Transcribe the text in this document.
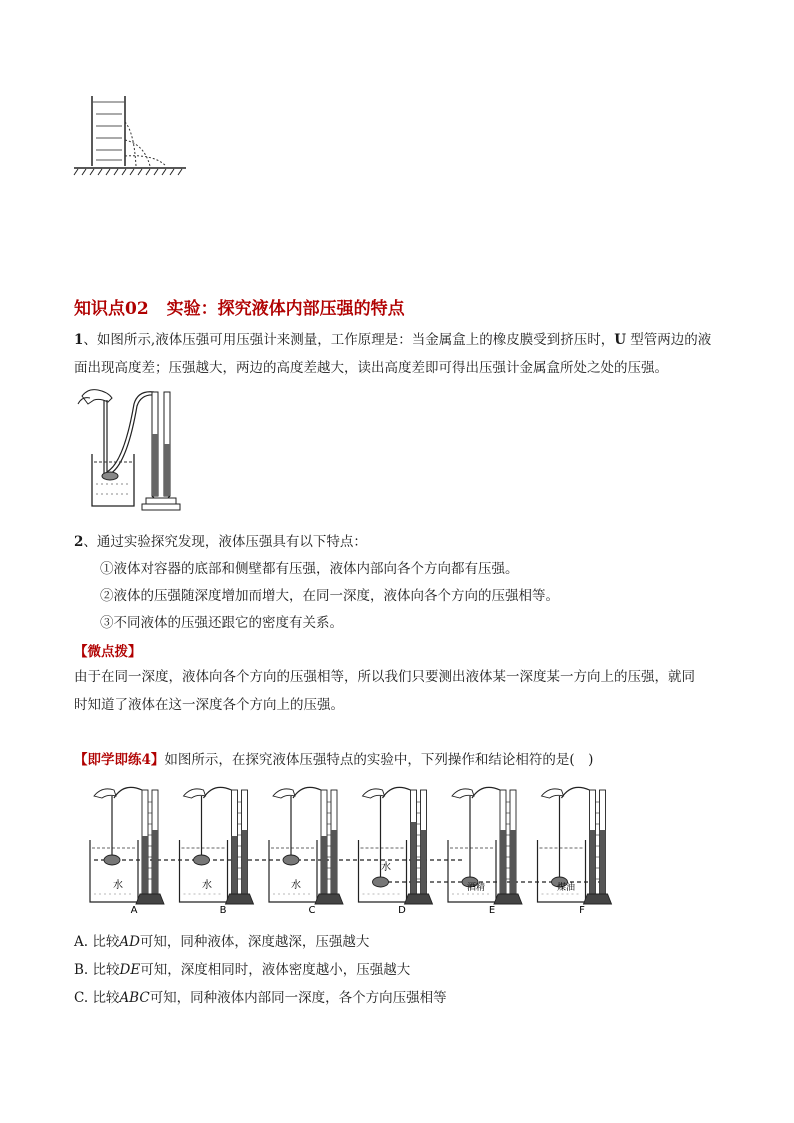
知识点02 实验：探究液体内部压强的特点
1、如图所示,液体压强可用压强计来测量，工作原理是：当金属盒上的橡皮膜受到挤压时，U 型管两边的液
面出现高度差；压强越大，两边的高度差越大，读出高度差即可得出压强计金属盒所处之处的压强。
2、通过实验探究发现，液体压强具有以下特点：
①液体对容器的底部和侧壁都有压强，液体内部向各个方向都有压强。
②液体的压强随深度增加而增大，在同一深度，液体向各个方向的压强相等。
③不同液体的压强还跟它的密度有关系。
【微点拨】
由于在同一深度，液体向各个方向的压强相等，所以我们只要测出液体某一深度某一方向上的压强，就同
时知道了液体在这一深度各个方向上的压强。
【即学即练4】如图所示，在探究液体压强特点的实验中，下列操作和结论相符的是(　)
A	B	C	D	E	F
水	水	水
水
酒精	煤油
A. 比较AD可知，同种液体，深度越深，压强越大
B. 比较DE可知，深度相同时，液体密度越小，压强越大
C. 比较ABC可知，同种液体内部同一深度，各个方向压强相等
